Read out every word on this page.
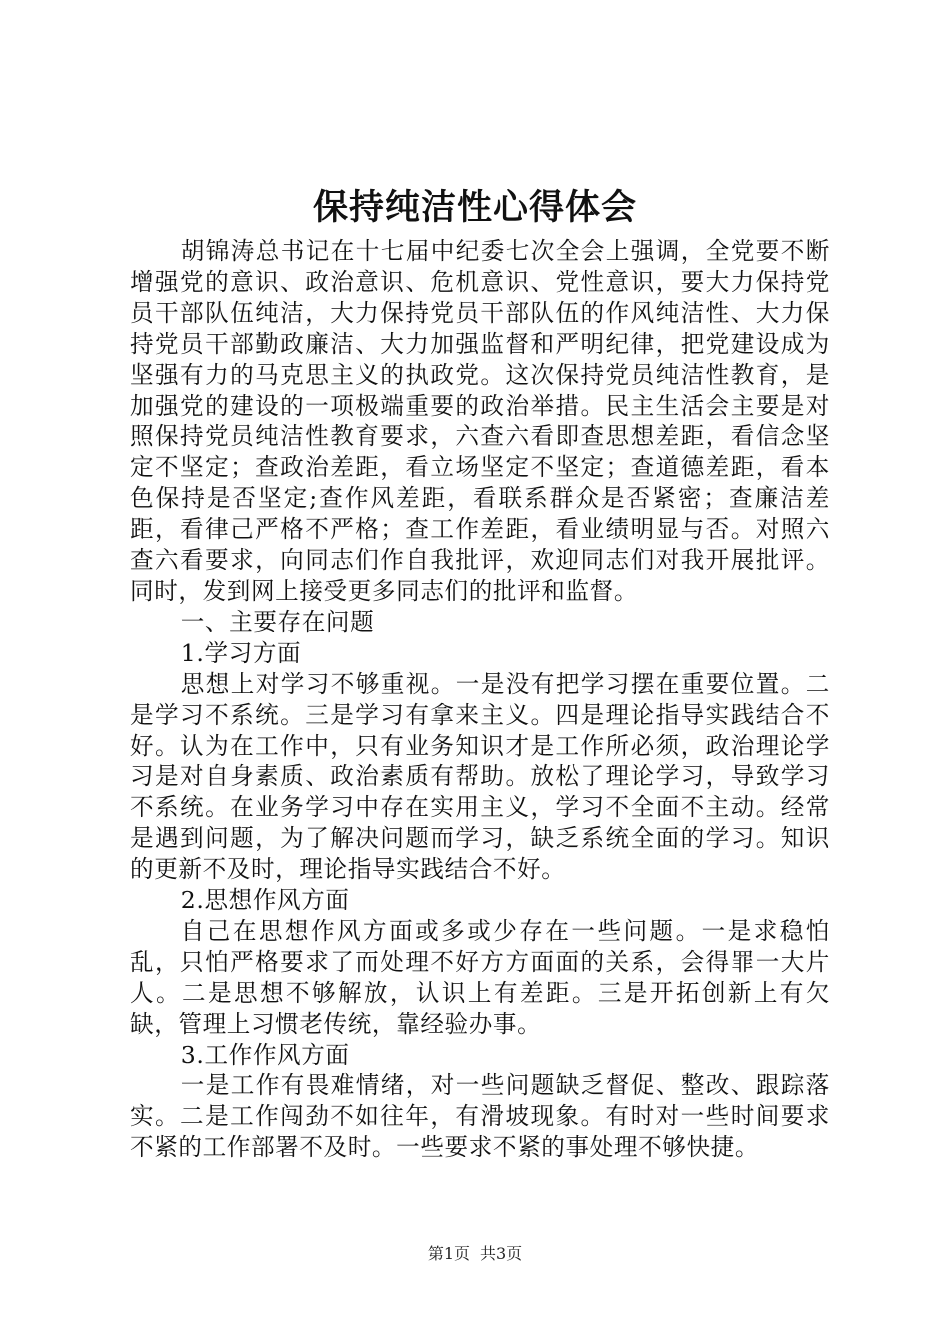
保持纯洁性心得体会

胡锦涛总书记在十七届中纪委七次全会上强调，全党要不断增强党的意识、政治意识、危机意识、党性意识，要大力保持党员干部队伍纯洁，大力保持党员干部队伍的作风纯洁性、大力保持党员干部勤政廉洁、大力加强监督和严明纪律，把党建设成为坚强有力的马克思主义的执政党。这次保持党员纯洁性教育，是加强党的建设的一项极端重要的政治举措。民主生活会主要是对照保持党员纯洁性教育要求，六查六看即查思想差距，看信念坚定不坚定；查政治差距，看立场坚定不坚定；查道德差距，看本色保持是否坚定;查作风差距，看联系群众是否紧密；查廉洁差距，看律己严格不严格；查工作差距，看业绩明显与否。对照六查六看要求，向同志们作自我批评，欢迎同志们对我开展批评。同时，发到网上接受更多同志们的批评和监督。

一、主要存在问题

1.学习方面

思想上对学习不够重视。一是没有把学习摆在重要位置。二是学习不系统。三是学习有拿来主义。四是理论指导实践结合不好。认为在工作中，只有业务知识才是工作所必须，政治理论学习是对自身素质、政治素质有帮助。放松了理论学习，导致学习不系统。在业务学习中存在实用主义，学习不全面不主动。经常是遇到问题，为了解决问题而学习，缺乏系统全面的学习。知识的更新不及时，理论指导实践结合不好。

2.思想作风方面

自己在思想作风方面或多或少存在一些问题。一是求稳怕乱，只怕严格要求了而处理不好方方面面的关系，会得罪一大片人。二是思想不够解放，认识上有差距。三是开拓创新上有欠缺，管理上习惯老传统，靠经验办事。

3.工作作风方面

一是工作有畏难情绪，对一些问题缺乏督促、整改、跟踪落实。二是工作闯劲不如往年，有滑坡现象。有时对一些时间要求不紧的工作部署不及时。一些要求不紧的事处理不够快捷。

第1页 共3页
